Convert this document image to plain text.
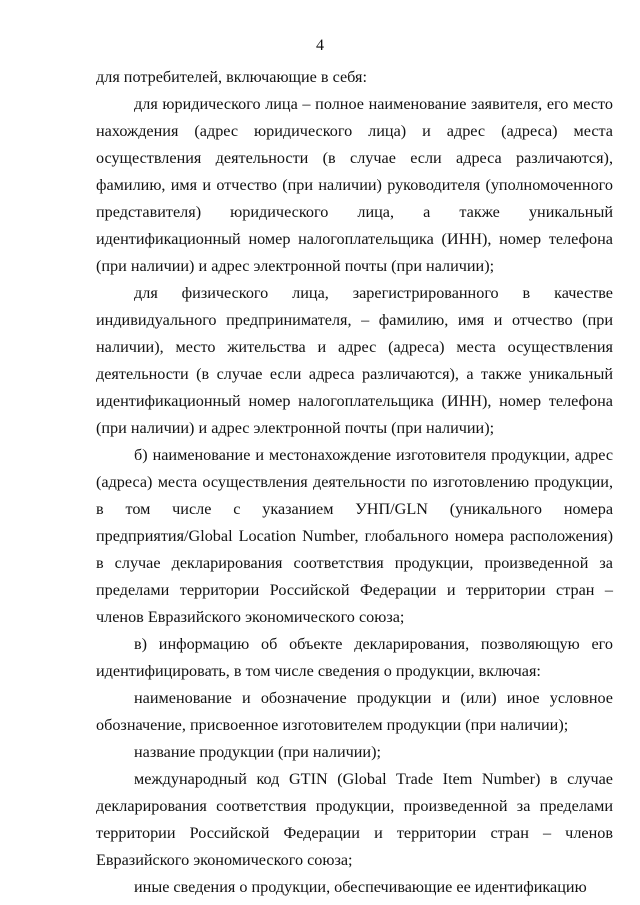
4

для потребителей, включающие в себя:

для юридического лица – полное наименование заявителя, его место нахождения (адрес юридического лица) и адрес (адреса) места осуществления деятельности (в случае если адреса различаются), фамилию, имя и отчество (при наличии) руководителя (уполномоченного представителя) юридического лица, а также уникальный идентификационный номер налогоплательщика (ИНН), номер телефона (при наличии) и адрес электронной почты (при наличии);

для физического лица, зарегистрированного в качестве индивидуального предпринимателя, – фамилию, имя и отчество (при наличии), место жительства и адрес (адреса) места осуществления деятельности (в случае если адреса различаются), а также уникальный идентификационный номер налогоплательщика (ИНН), номер телефона (при наличии) и адрес электронной почты (при наличии);

б) наименование и местонахождение изготовителя продукции, адрес (адреса) места осуществления деятельности по изготовлению продукции, в том числе с указанием УНП/GLN (уникального номера предприятия/Global Location Number, глобального номера расположения) в случае декларирования соответствия продукции, произведенной за пределами территории Российской Федерации и территории стран – членов Евразийского экономического союза;

в) информацию об объекте декларирования, позволяющую его идентифицировать, в том числе сведения о продукции, включая:

наименование и обозначение продукции и (или) иное условное обозначение, присвоенное изготовителем продукции (при наличии);

название продукции (при наличии);

международный код GTIN (Global Trade Item Number) в случае декларирования соответствия продукции, произведенной за пределами территории Российской Федерации и территории стран – членов Евразийского экономического союза;

иные сведения о продукции, обеспечивающие ее идентификацию
